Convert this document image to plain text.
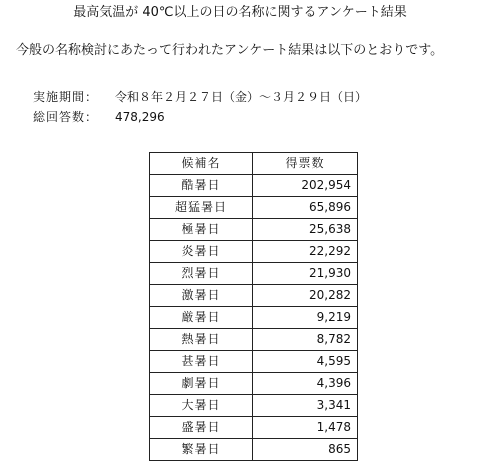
最高気温が 40℃以上の日の名称に関するアンケート結果
今般の名称検討にあたって行われたアンケート結果は以下のとおりです。
実施期間： 令和８年２月２７日（金）～３月２９日（日）
総回答数： 478,296
候補名	得票数
酷暑日	202,954
超猛暑日	65,896
極暑日	25,638
炎暑日	22,292
烈暑日	21,930
激暑日	20,282
厳暑日	9,219
熱暑日	8,782
甚暑日	4,595
劇暑日	4,396
大暑日	3,341
盛暑日	1,478
繁暑日	865
